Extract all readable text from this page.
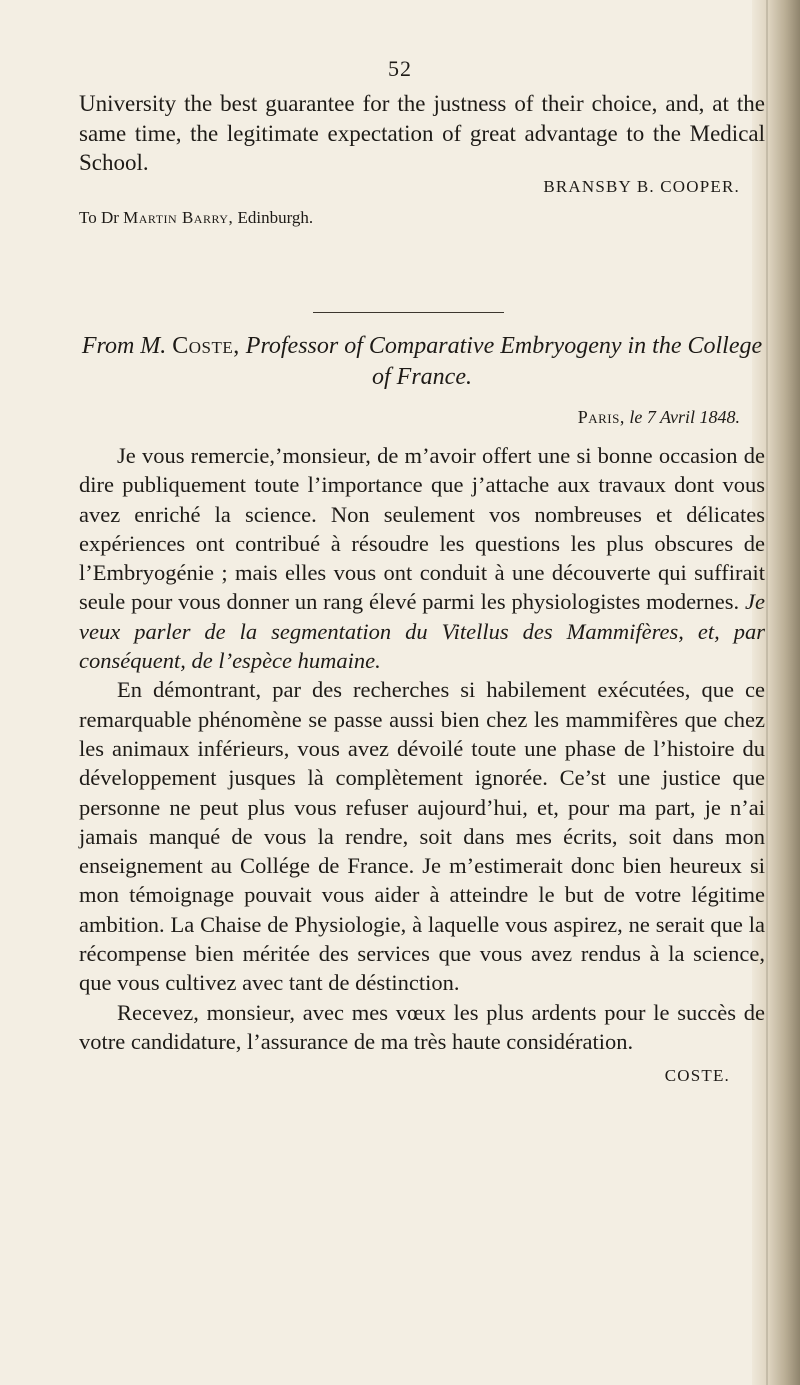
52
University the best guarantee for the justness of their choice, and, at the same time, the legitimate expectation of great advantage to the Medical School.
BRANSBY B. COOPER.
To Dr Martin Barry, Edinburgh.
From M. Coste, Professor of Comparative Embryogeny in the College of France.
Paris, le 7 Avril 1848.

Je vous remercie,’monsieur, de m’avoir offert une si bonne occasion de dire publiquement toute l’importance que j’attache aux travaux dont vous avez enriché la science. Non seulement vos nombreuses et délicates expériences ont contribué à résoudre les questions les plus obscures de l’Embryogénie ; mais elles vous ont conduit à une découverte qui suffirait seule pour vous donner un rang élevé parmi les physiologistes modernes. Je veux parler de la segmentation du Vitellus des Mammifères, et, par conséquent, de l’espèce humaine.

En démontrant, par des recherches si habilement exécutées, que ce remarquable phénomène se passe aussi bien chez les mammifères que chez les animaux inférieurs, vous avez dévoilé toute une phase de l’histoire du développement jusques là complètement ignorée. Ce’st une justice que personne ne peut plus vous refuser aujourd’hui, et, pour ma part, je n’ai jamais manqué de vous la rendre, soit dans mes écrits, soit dans mon enseignement au Collége de France. Je m’estimerait donc bien heureux si mon témoignage pouvait vous aider à atteindre le but de votre légitime ambition. La Chaise de Physiologie, à laquelle vous aspirez, ne serait que la récompense bien méritée des services que vous avez rendus à la science, que vous cultivez avec tant de déstinction.

Recevez, monsieur, avec mes vœux les plus ardents pour le succès de votre candidature, l’assurance de ma très haute considération.

COSTE.
